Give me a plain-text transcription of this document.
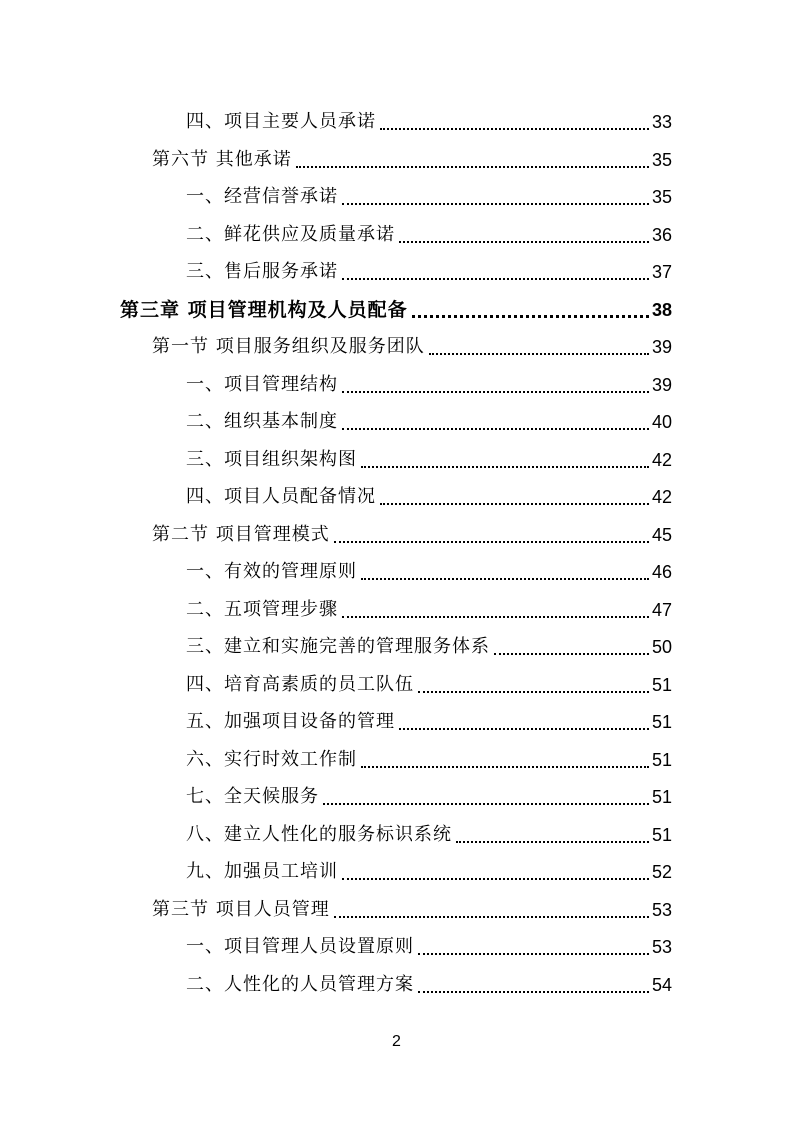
四、项目主要人员承诺	33
第六节 其他承诺	35
一、经营信誉承诺	35
二、鲜花供应及质量承诺	36
三、售后服务承诺	37
第三章 项目管理机构及人员配备	38
第一节 项目服务组织及服务团队	39
一、项目管理结构	39
二、组织基本制度	40
三、项目组织架构图	42
四、项目人员配备情况	42
第二节 项目管理模式	45
一、有效的管理原则	46
二、五项管理步骤	47
三、建立和实施完善的管理服务体系	50
四、培育高素质的员工队伍	51
五、加强项目设备的管理	51
六、实行时效工作制	51
七、全天候服务	51
八、建立人性化的服务标识系统	51
九、加强员工培训	52
第三节 项目人员管理	53
一、项目管理人员设置原则	53
二、人性化的人员管理方案	54
2
